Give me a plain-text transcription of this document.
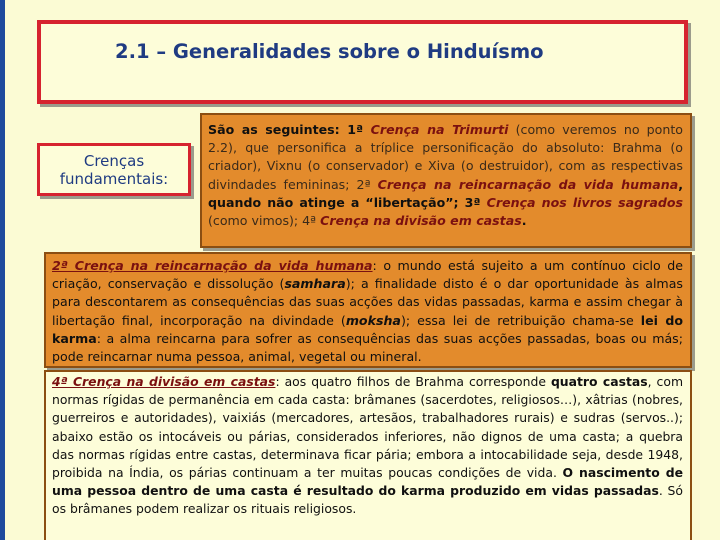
2.1 – Generalidades sobre o Hinduísmo
Crenças fundamentais:
São as seguintes: 1ª Crença na Trimurti (como veremos no ponto 2.2), que personifica a tríplice personificação do absoluto: Brahma (o criador), Vixnu (o conservador) e Xiva (o destruidor), com as respectivas divindades femininas; 2ª Crença na reincarnação da vida humana, quando não atinge a “libertação”; 3ª Crença nos livros sagrados (como vimos); 4ª Crença na divisão em castas.
2ª Crença na reincarnação da vida humana: o mundo está sujeito a um contínuo ciclo de criação, conservação e dissolução (samhara); a finalidade disto é o dar oportunidade às almas para descontarem as consequências das suas acções das vidas passadas, karma e assim chegar à libertação final, incorporação na divindade (moksha); essa lei de retribuição chama-se lei do karma: a alma reincarna para sofrer as consequências das suas acções passadas, boas ou más; pode reincarnar numa pessoa, animal, vegetal ou mineral.
4ª Crença na divisão em castas: aos quatro filhos de Brahma corresponde quatro castas, com normas rígidas de permanência em cada casta: brâmanes (sacerdotes, religiosos…), xâtrias (nobres, guerreiros e autoridades), vaixiás (mercadores, artesãos, trabalhadores rurais) e sudras (servos..); abaixo estão os intocáveis ou párias, considerados inferiores, não dignos de uma casta; a quebra das normas rígidas entre castas, determinava ficar pária; embora a intocabilidade seja, desde 1948, proibida na Índia, os párias continuam a ter muitas poucas condições de vida. O nascimento de uma pessoa dentro de uma casta é resultado do karma produzido em vidas passadas. Só os brâmanes podem realizar os rituais religiosos.
